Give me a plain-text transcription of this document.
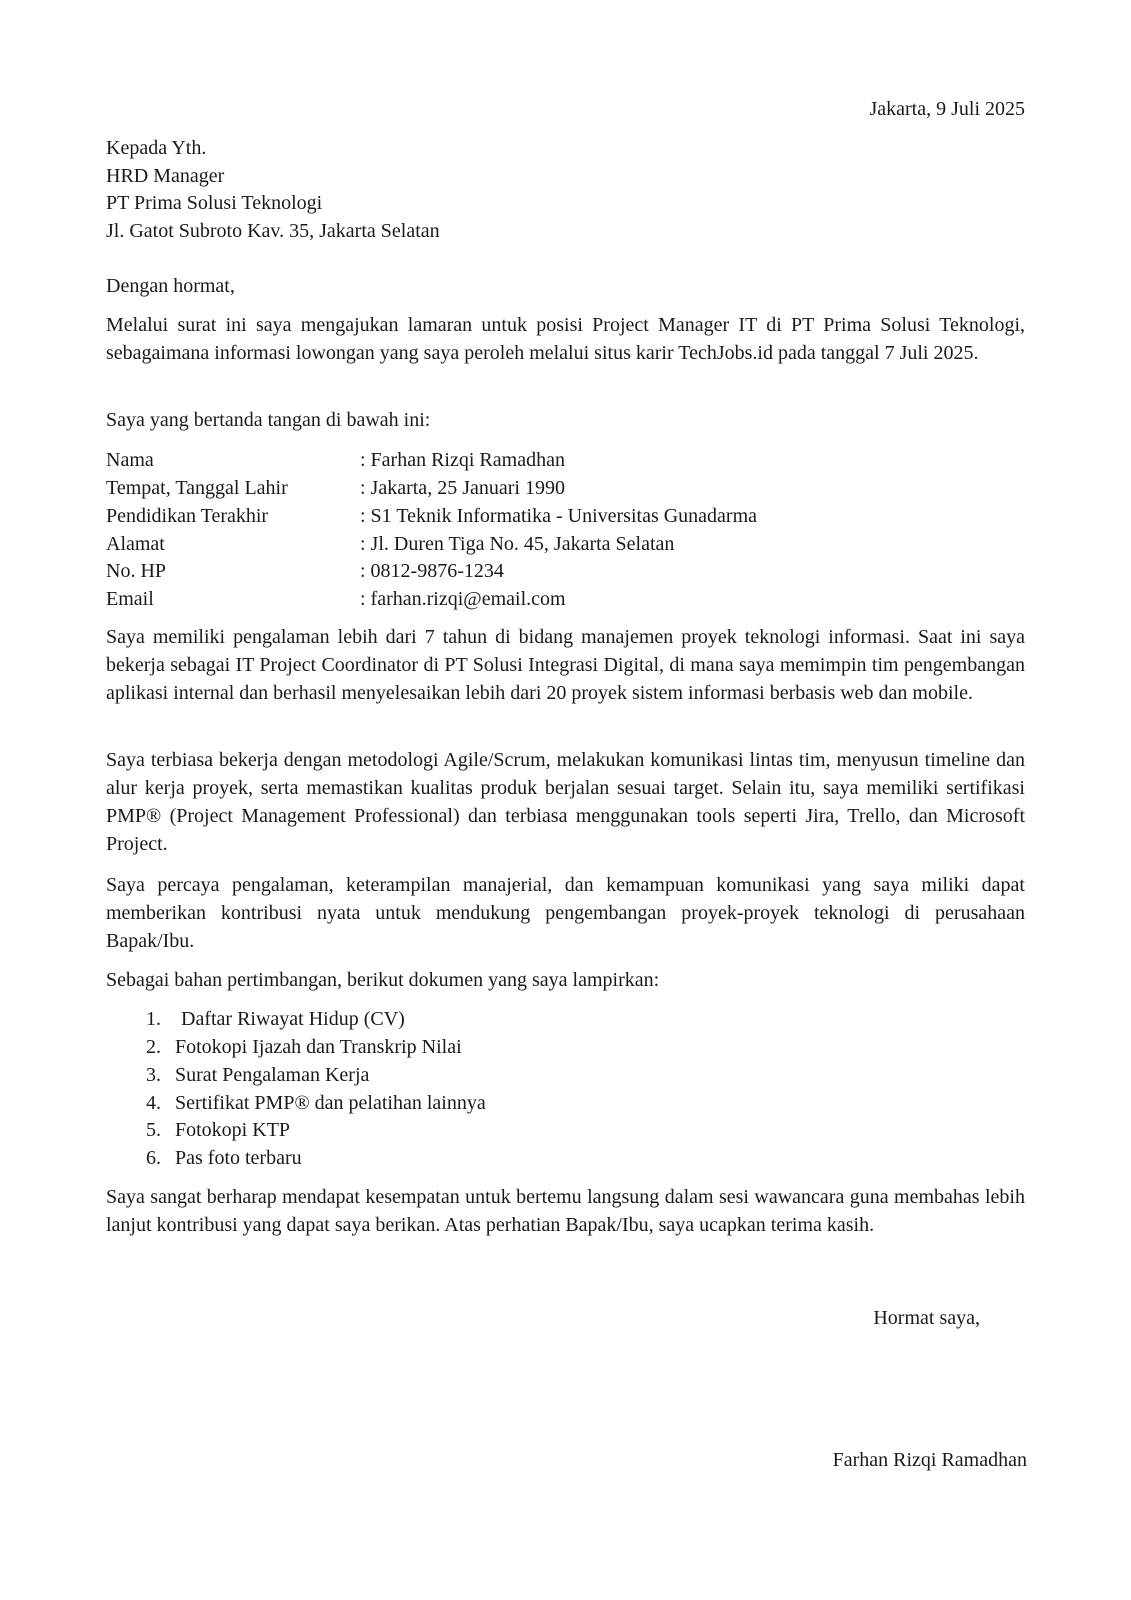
Jakarta, 9 Juli 2025

Kepada Yth.

HRD Manager

PT Prima Solusi Teknologi

Jl. Gatot Subroto Kav. 35, Jakarta Selatan

Dengan hormat,

Melalui surat ini saya mengajukan lamaran untuk posisi Project Manager IT di PT Prima Solusi Teknologi, sebagaimana informasi lowongan yang saya peroleh melalui situs karir TechJobs.id pada tanggal 7 Juli 2025.

Saya yang bertanda tangan di bawah ini:

Nama	: Farhan Rizqi Ramadhan
Tempat, Tanggal Lahir	: Jakarta, 25 Januari 1990
Pendidikan Terakhir	: S1 Teknik Informatika - Universitas Gunadarma
Alamat	: Jl. Duren Tiga No. 45, Jakarta Selatan
No. HP	: 0812-9876-1234
Email	: farhan.rizqi@email.com

Saya memiliki pengalaman lebih dari 7 tahun di bidang manajemen proyek teknologi informasi. Saat ini saya bekerja sebagai IT Project Coordinator di PT Solusi Integrasi Digital, di mana saya memimpin tim pengembangan aplikasi internal dan berhasil menyelesaikan lebih dari 20 proyek sistem informasi berbasis web dan mobile.

Saya terbiasa bekerja dengan metodologi Agile/Scrum, melakukan komunikasi lintas tim, menyusun timeline dan alur kerja proyek, serta memastikan kualitas produk berjalan sesuai target. Selain itu, saya memiliki sertifikasi PMP® (Project Management Professional) dan terbiasa menggunakan tools seperti Jira, Trello, dan Microsoft Project.

Saya percaya pengalaman, keterampilan manajerial, dan kemampuan komunikasi yang saya miliki dapat memberikan kontribusi nyata untuk mendukung pengembangan proyek-proyek teknologi di perusahaan Bapak/Ibu.

Sebagai bahan pertimbangan, berikut dokumen yang saya lampirkan:

1. Daftar Riwayat Hidup (CV)
2. Fotokopi Ijazah dan Transkrip Nilai
3. Surat Pengalaman Kerja
4. Sertifikat PMP® dan pelatihan lainnya
5. Fotokopi KTP
6. Pas foto terbaru

Saya sangat berharap mendapat kesempatan untuk bertemu langsung dalam sesi wawancara guna membahas lebih lanjut kontribusi yang dapat saya berikan. Atas perhatian Bapak/Ibu, saya ucapkan terima kasih.

Hormat saya,

Farhan Rizqi Ramadhan
